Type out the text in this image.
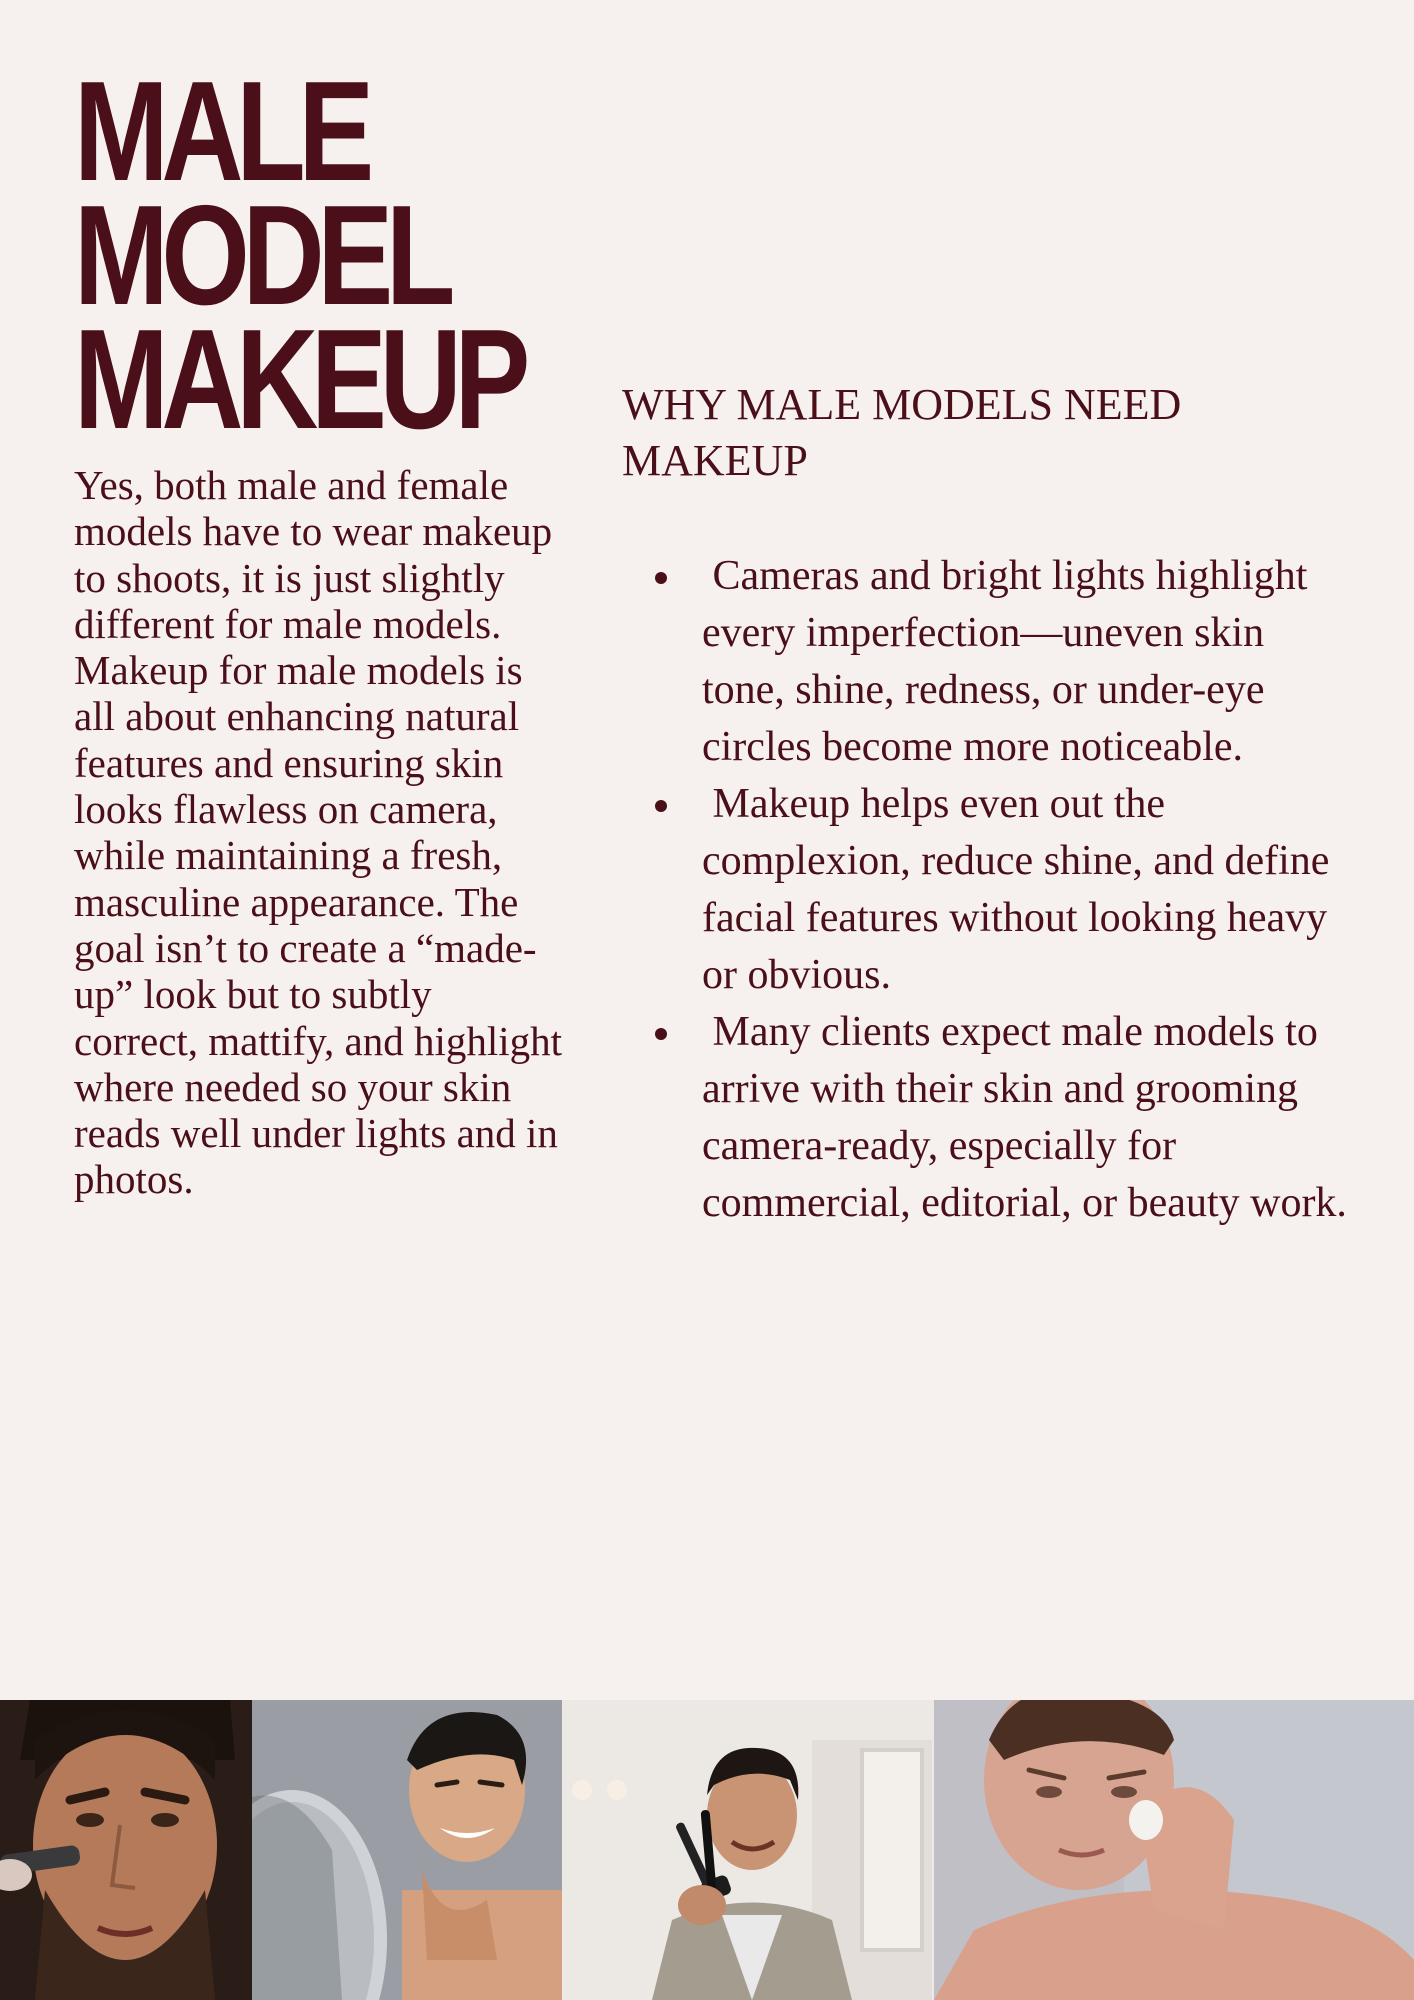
MALE MODEL MAKEUP

Yes, both male and female models have to wear makeup to shoots, it is just slightly different for male models. Makeup for male models is all about enhancing natural features and ensuring skin looks flawless on camera, while maintaining a fresh, masculine appearance. The goal isn’t to create a “made-up” look but to subtly correct, mattify, and highlight where needed so your skin reads well under lights and in photos.

WHY MALE MODELS NEED MAKEUP
Cameras and bright lights highlight every imperfection—uneven skin tone, shine, redness, or under-eye circles become more noticeable.
Makeup helps even out the complexion, reduce shine, and define facial features without looking heavy or obvious.
Many clients expect male models to arrive with their skin and grooming camera-ready, especially for commercial, editorial, or beauty work.
